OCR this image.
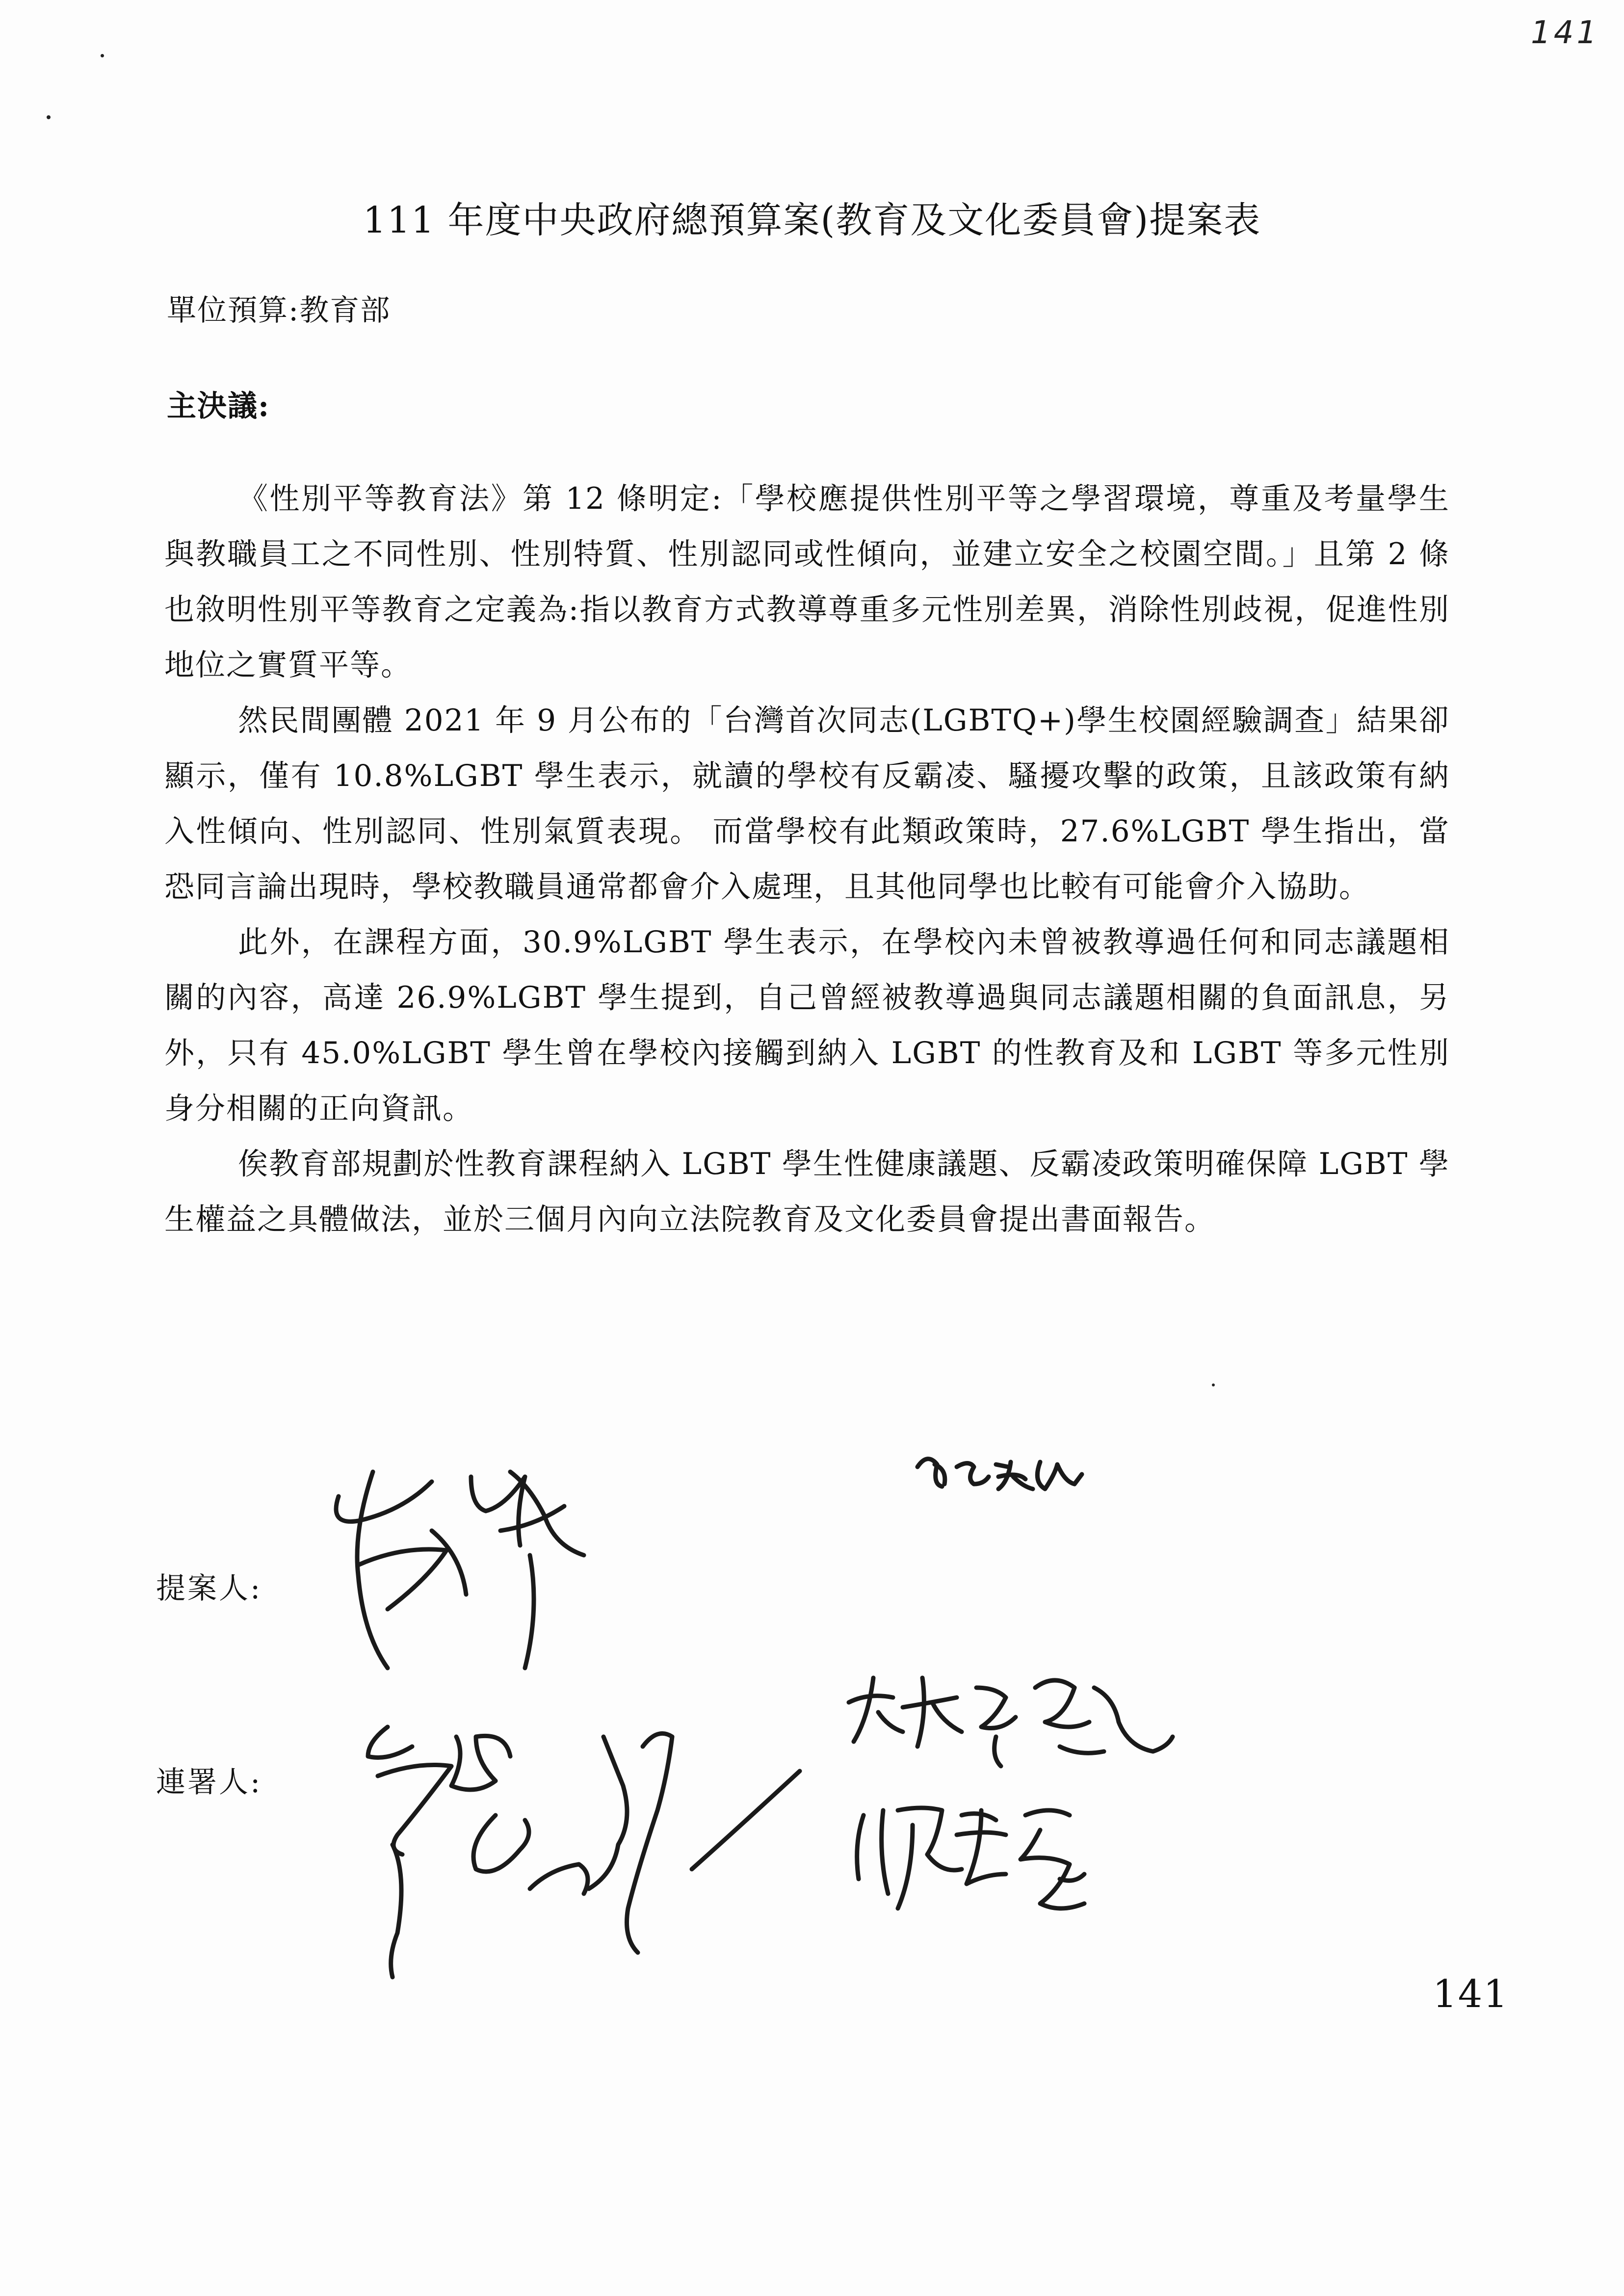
141
111 年度中央政府總預算案(教育及文化委員會)提案表
單位預算:教育部
主決議:

《性別平等教育法》第 12 條明定:「學校應提供性別平等之學習環境，尊重及考量學生與教職員工之不同性別、性別特質、性別認同或性傾向，並建立安全之校園空間。」且第 2 條也敘明性別平等教育之定義為:指以教育方式教導尊重多元性別差異，消除性別歧視，促進性別地位之實質平等。

然民間團體 2021 年 9 月公布的「台灣首次同志(LGBTQ+)學生校園經驗調查」結果卻顯示，僅有 10.8%LGBT 學生表示，就讀的學校有反霸凌、騷擾攻擊的政策，且該政策有納入性傾向、性別認同、性別氣質表現。 而當學校有此類政策時，27.6%LGBT 學生指出，當恐同言論出現時，學校教職員通常都會介入處理，且其他同學也比較有可能會介入協助。

此外，在課程方面，30.9%LGBT 學生表示，在學校內未曾被教導過任何和同志議題相關的內容，高達 26.9%LGBT 學生提到，自己曾經被教導過與同志議題相關的負面訊息，另外，只有 45.0%LGBT 學生曾在學校內接觸到納入 LGBT 的性教育及和 LGBT 等多元性別身分相關的正向資訊。

俟教育部規劃於性教育課程納入 LGBT 學生性健康議題、反霸凌政策明確保障 LGBT 學生權益之具體做法，並於三個月內向立法院教育及文化委員會提出書面報告。

提案人:
連署人:
141
